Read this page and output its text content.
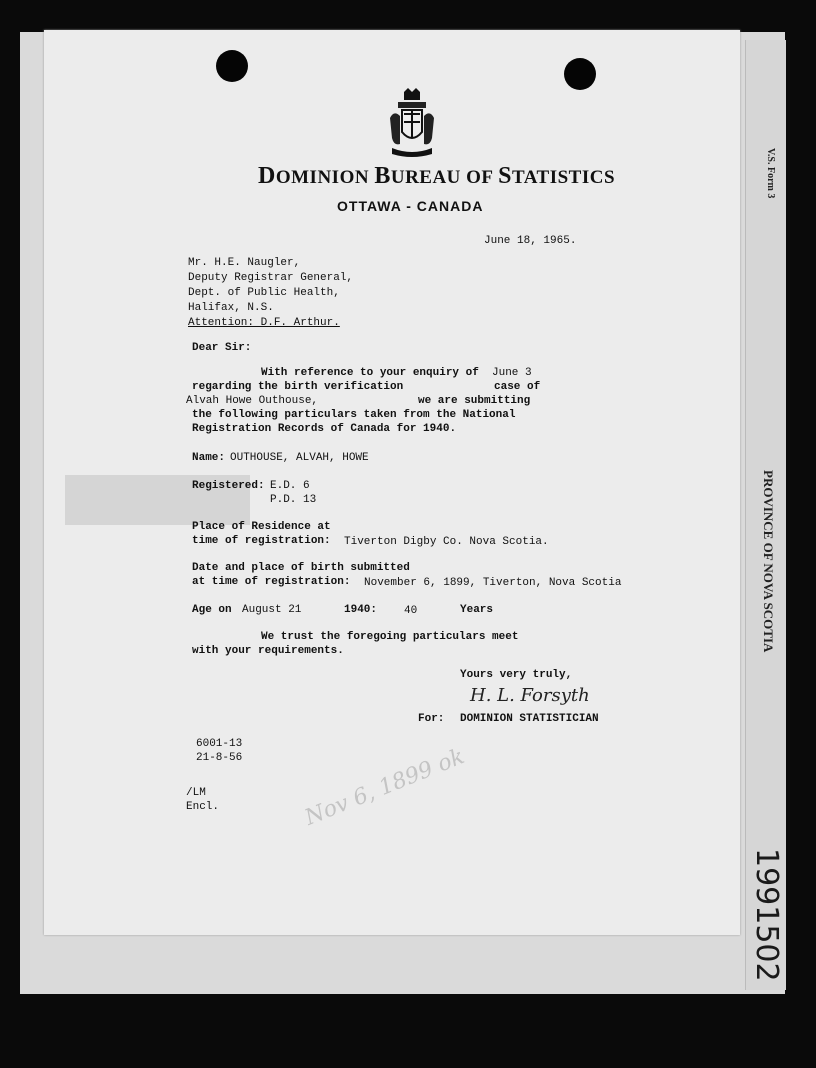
V.S. Form 3
PROVINCE OF NOVA SCOTIA
1991502
DOMINION BUREAU OF STATISTICS
OTTAWA - CANADA
June 18, 1965.
Mr. H.E. Naugler,
Deputy Registrar General,
Dept. of Public Health,
Halifax, N.S.
Attention: D.F. Arthur.
Dear Sir:
With reference to your enquiry of June 3
regarding the birth verification	case of
Alvah Howe Outhouse,	we are submitting
the following particulars taken from the National
Registration Records of Canada for 1940.
Name: OUTHOUSE, ALVAH, HOWE
Registered: E.D. 6
P.D. 13
Place of Residence at
time of registration: Tiverton Digby Co. Nova Scotia.
Date and place of birth submitted
at time of registration: November 6, 1899, Tiverton, Nova Scotia
Age on August 21	1940: 40	Years
We trust the foregoing particulars meet
with your requirements.
Yours very truly,
H. L. Forsyth
For: DOMINION STATISTICIAN
6001-13
21-8-56
/LM
Encl.	Nov 6, 1899 ok
